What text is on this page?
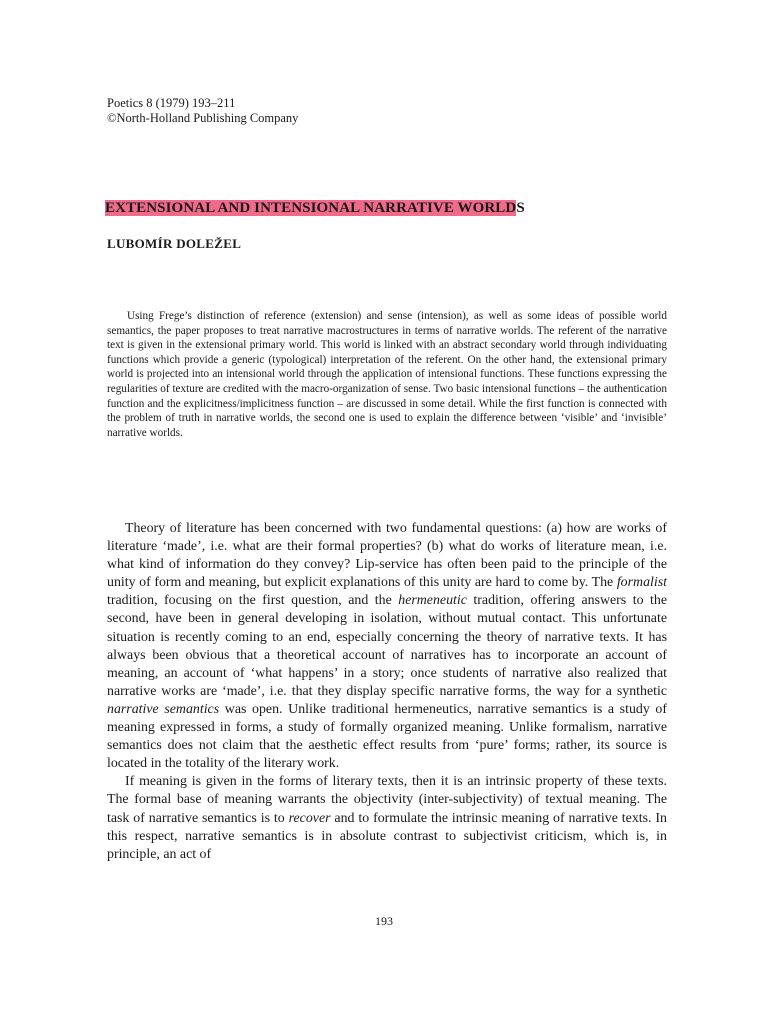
Poetics 8 (1979) 193–211
©North-Holland Publishing Company
EXTENSIONAL AND INTENSIONAL NARRATIVE WORLDS
LUBOMÍR DOLEŽEL
Using Frege’s distinction of reference (extension) and sense (intension), as well as some ideas of possible world semantics, the paper proposes to treat narrative macrostructures in terms of narrative worlds. The referent of the narrative text is given in the extensional primary world. This world is linked with an abstract secondary world through individuating functions which provide a generic (typological) interpretation of the referent. On the other hand, the extensional primary world is projected into an intensional world through the application of intensional functions. These functions expressing the regularities of texture are credited with the macro-organization of sense. Two basic intensional functions – the authentication function and the explicitness/implicitness function – are discussed in some detail. While the first function is connected with the problem of truth in narrative worlds, the second one is used to explain the difference between ‘visible’ and ‘invisible’ narrative worlds.

Theory of literature has been concerned with two fundamental questions: (a) how are works of literature ‘made’, i.e. what are their formal properties? (b) what do works of literature mean, i.e. what kind of information do they convey? Lip-service has often been paid to the principle of the unity of form and meaning, but explicit explanations of this unity are hard to come by. The formalist tradition, focusing on the first question, and the hermeneutic tradition, offering answers to the second, have been in general developing in isolation, without mutual contact. This unfortunate situation is recently coming to an end, especially concerning the theory of narrative texts. It has always been obvious that a theoretical account of narratives has to incorporate an account of meaning, an account of ‘what happens’ in a story; once students of narrative also realized that narrative works are ‘made’, i.e. that they display specific narrative forms, the way for a synthetic narrative semantics was open. Unlike traditional hermeneutics, narrative semantics is a study of meaning expressed in forms, a study of formally organized meaning. Unlike formalism, narrative semantics does not claim that the aesthetic effect results from ‘pure’ forms; rather, its source is located in the totality of the literary work.

If meaning is given in the forms of literary texts, then it is an intrinsic property of these texts. The formal base of meaning warrants the objectivity (inter-subjectivity) of textual meaning. The task of narrative semantics is to recover and to formulate the intrinsic meaning of narrative texts. In this respect, narrative semantics is in absolute contrast to subjectivist criticism, which is, in principle, an act of

193
